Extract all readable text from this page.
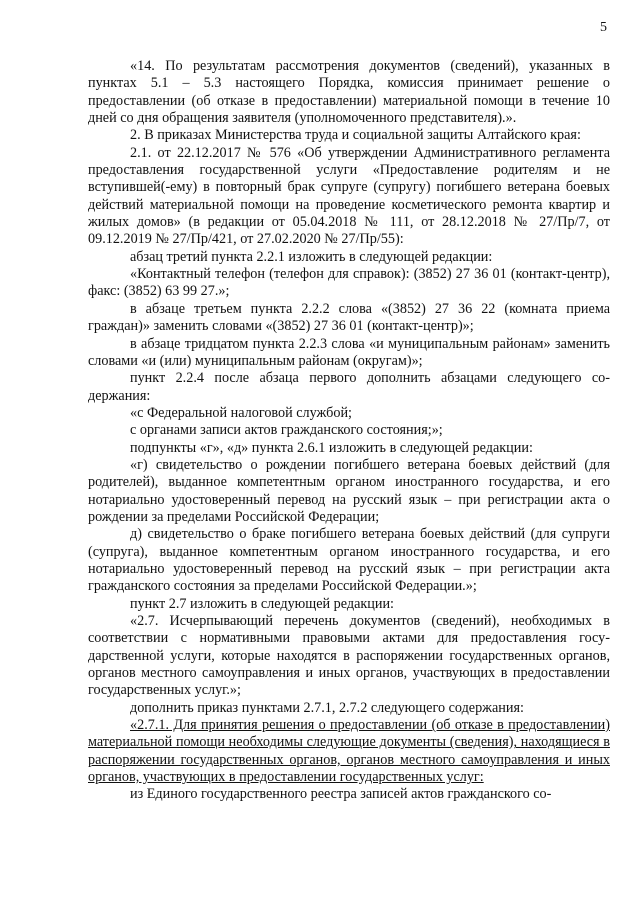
5

«14. По результатам рассмотрения документов (сведений), указанных в пунктах 5.1 – 5.3 настоящего Порядка, комиссия принимает решение о предоставлении (об отказе в предоставлении) материальной помощи в течение 10 дней со дня обращения заявителя (уполномоченного представителя).».

2. В приказах Министерства труда и социальной защиты Алтайского края:

2.1. от 22.12.2017 № 576 «Об утверждении Административного регламента предоставления государственной услуги «Предоставление родителям и не вступившей(-ему) в повторный брак супруге (супругу) погибшего ветерана боевых действий материальной помощи на проведение косметического ремонта квартир и жилых домов» (в редакции от 05.04.2018 № 111, от 28.12.2018 № 27/Пр/7, от 09.12.2019 № 27/Пр/421, от 27.02.2020 № 27/Пр/55):

абзац третий пункта 2.2.1 изложить в следующей редакции:

«Контактный телефон (телефон для справок): (3852) 27 36 01 (контакт-центр), факс: (3852) 63 99 27.»;

в абзаце третьем пункта 2.2.2 слова «(3852) 27 36 22 (комната приема граждан)» заменить словами «(3852) 27 36 01 (контакт-центр)»;

в абзаце тридцатом пункта 2.2.3 слова «и муниципальным районам» заменить словами «и (или) муниципальным районам (округам)»;

пункт 2.2.4 после абзаца первого дополнить абзацами следующего содержания:

«с Федеральной налоговой службой;

с органами записи актов гражданского состояния;»;

подпункты «г», «д» пункта 2.6.1 изложить в следующей редакции:

«г) свидетельство о рождении погибшего ветерана боевых действий (для родителей), выданное компетентным органом иностранного государства, и его нотариально удостоверенный перевод на русский язык – при регистрации акта о рождении за пределами Российской Федерации;

д) свидетельство о браке погибшего ветерана боевых действий (для супруги (супруга), выданное компетентным органом иностранного государства, и его нотариально удостоверенный перевод на русский язык – при регистрации акта гражданского состояния за пределами Российской Федерации.»;

пункт 2.7 изложить в следующей редакции:

«2.7. Исчерпывающий перечень документов (сведений), необходимых в соответствии с нормативными правовыми актами для предоставления государственной услуги, которые находятся в распоряжении государственных органов, органов местного самоуправления и иных органов, участвующих в предоставлении государственных услуг.»;

дополнить приказ пунктами 2.7.1, 2.7.2 следующего содержания:

«2.7.1. Для принятия решения о предоставлении (об отказе в предоставлении) материальной помощи необходимы следующие документы (сведения), находящиеся в распоряжении государственных органов, органов местного самоуправления и иных органов, участвующих в предоставлении государственных услуг:

из Единого государственного реестра записей актов гражданского со-
